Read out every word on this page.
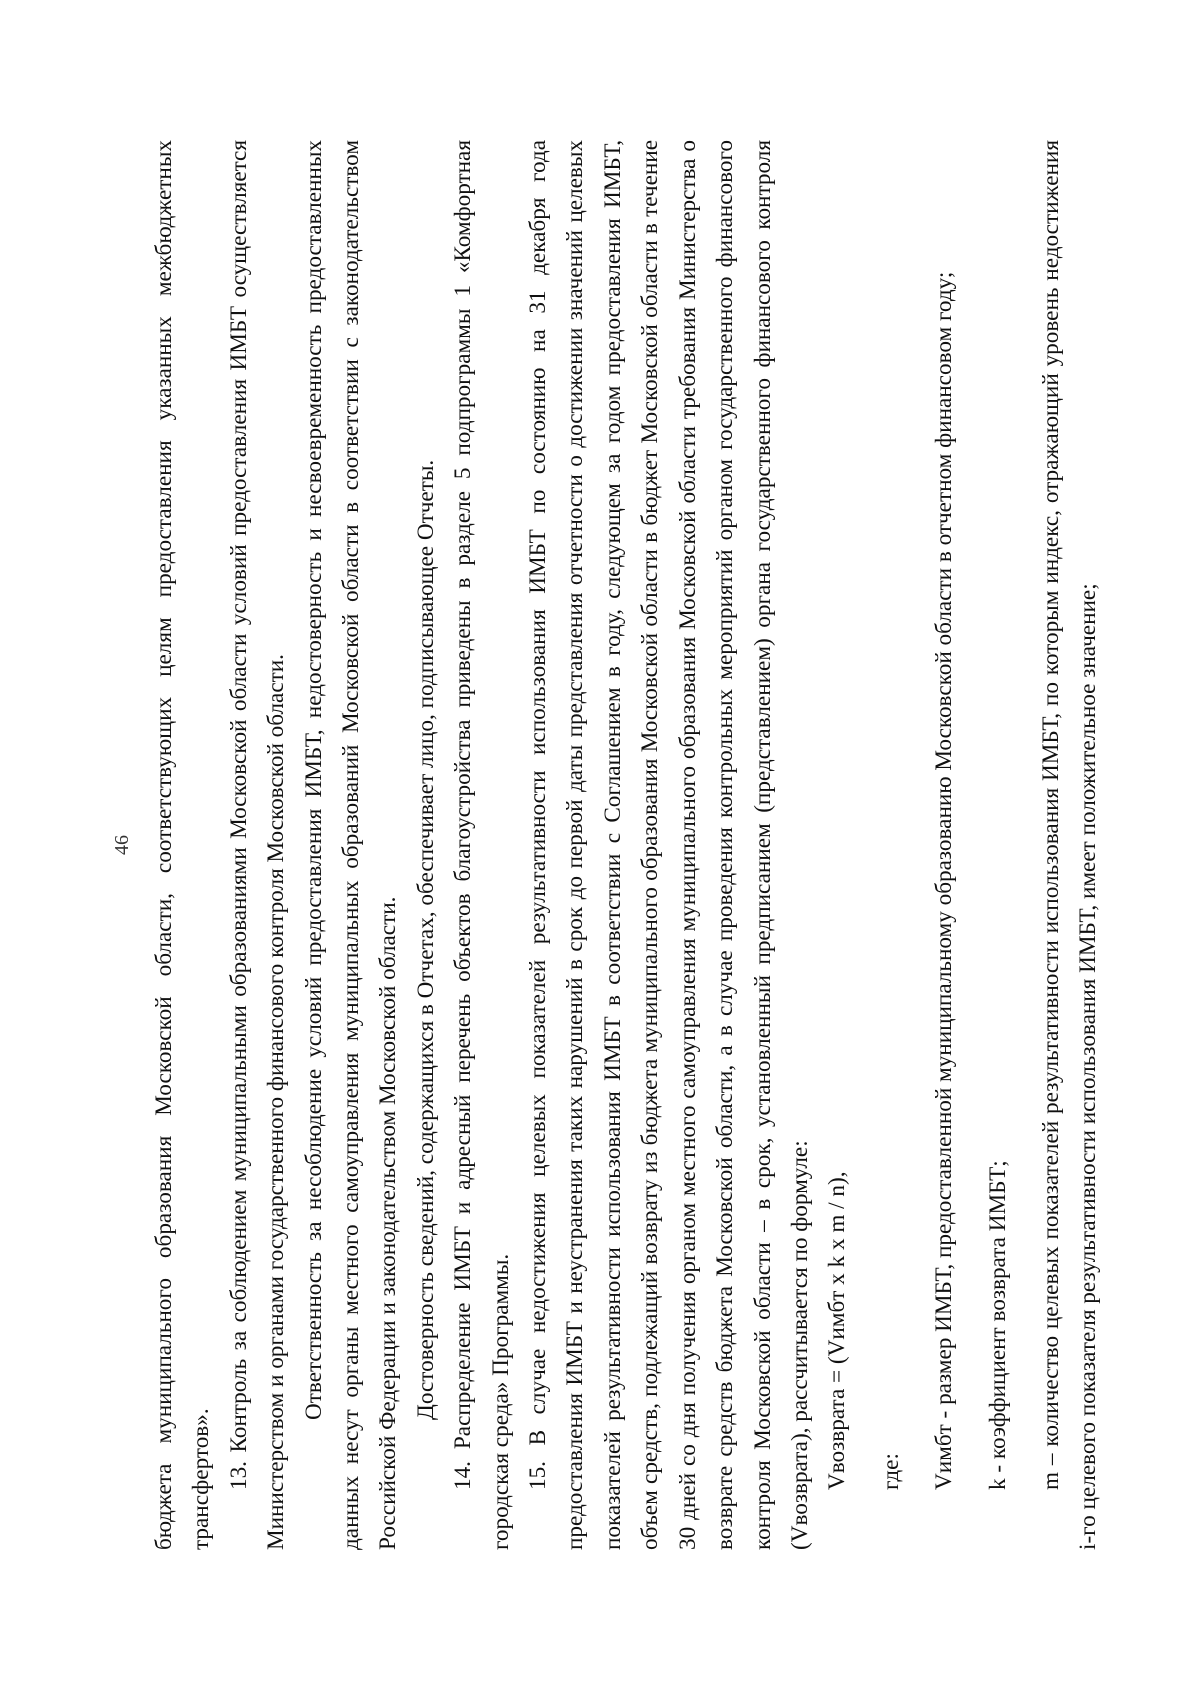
46 бюджета муниципального образования Московской области, соответствующих целям предоставления указанных межбюджетных трансфертов». 13. Контроль за соблюдением муниципальными образованиями Московской области условий предоставления ИМБТ осуществляется Министерством и органами государственного финансового контроля Московской области. Ответственность за несоблюдение условий предоставления ИМБТ, недостоверность и несвоевременность предоставленных данных несут органы местного самоуправления муниципальных образований Московской области в соответствии с законодательством Российской Федерации и законодательством Московской области. Достоверность сведений, содержащихся в Отчетах, обеспечивает лицо, подписывающее Отчеты. 14. Распределение ИМБТ и адресный перечень объектов благоустройства приведены в разделе 5 подпрограммы 1 «Комфортная городская среда» Программы. 15. В случае недостижения целевых показателей результативности использования ИМБТ по состоянию на 31 декабря года предоставления ИМБТ и неустранения таких нарушений в срок до первой даты представления отчетности о достижении значений целевых показателей результативности использования ИМБТ в соответствии с Соглашением в году, следующем за годом предоставления ИМБТ, объем средств, подлежащий возврату из бюджета муниципального образования Московской области в бюджет Московской области в течение 30 дней со дня получения органом местного самоуправления муниципального образования Московской области требования Министерства о возврате средств бюджета Московской области, а в случае проведения контрольных мероприятий органом государственного финансового контроля Московской области – в срок, установленный предписанием (представлением) органа государственного финансового контроля (Vвозврата), рассчитывается по формуле: Vвозврата = (Vимбт x k x m / n), где: Vимбт - размер ИМБТ, предоставленной муниципальному образованию Московской области в отчетном финансовом году; k - коэффициент возврата ИМБТ; m – количество целевых показателей результативности использования ИМБТ, по которым индекс, отражающий уровень недостижения i-го целевого показателя результативности использования ИМБТ, имеет положительное значение;
